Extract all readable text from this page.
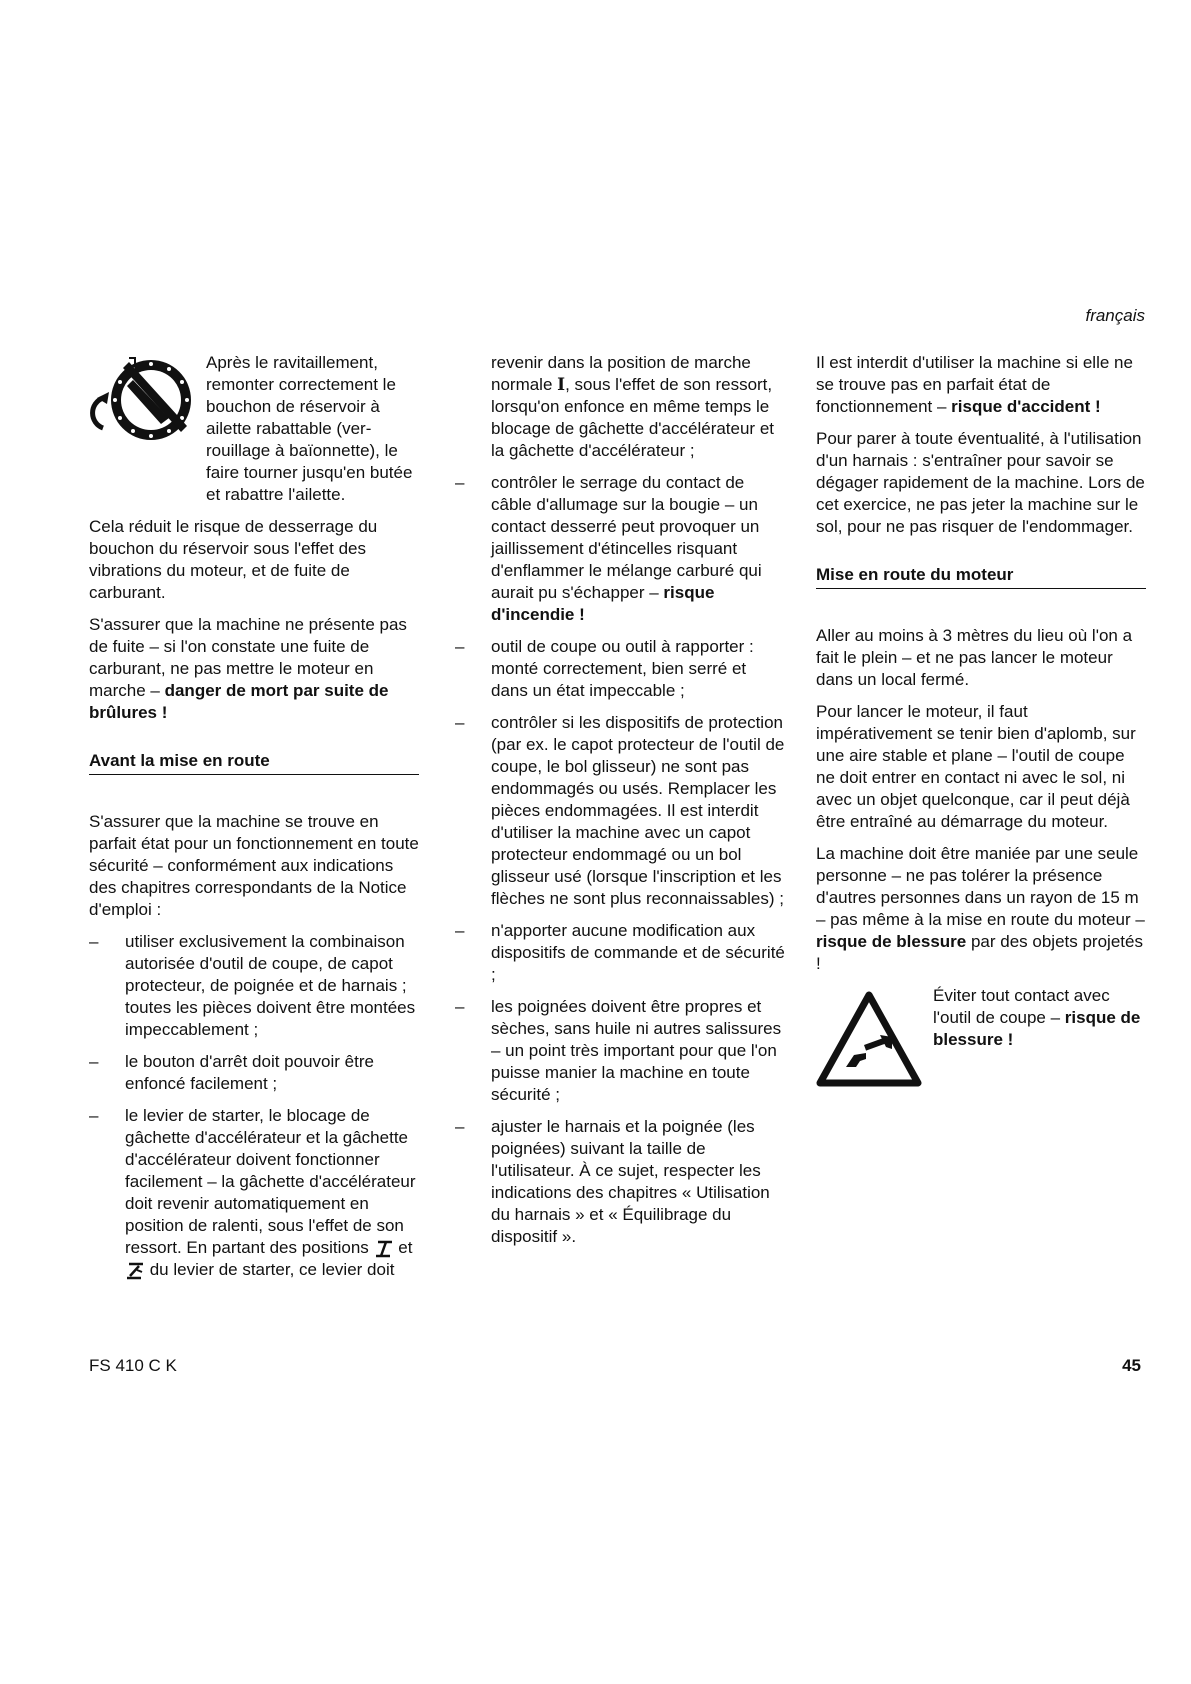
français
Après le ravitaillement, remonter correctement le bouchon de réservoir à ailette rabattable (ver-rouillage à baïonnette), le faire tourner jusqu'en butée et rabattre l'ailette.

Cela réduit le risque de desserrage du bouchon du réservoir sous l'effet des vibrations du moteur, et de fuite de carburant.

S'assurer que la machine ne présente pas de fuite – si l'on constate une fuite de carburant, ne pas mettre le moteur en marche – danger de mort par suite de brûlures !

Avant la mise en route

S'assurer que la machine se trouve en parfait état pour un fonctionnement en toute sécurité – conformément aux indications des chapitres correspondants de la Notice d'emploi :

– utiliser exclusivement la combinaison autorisée d'outil de coupe, de capot protecteur, de poignée et de harnais ; toutes les pièces doivent être montées impeccablement ;
– le bouton d'arrêt doit pouvoir être enfoncé facilement ;
– le levier de starter, le blocage de gâchette d'accélérateur et la gâchette d'accélérateur doivent fonctionner facilement – la gâchette d'accélérateur doit revenir automatiquement en position de ralenti, sous l'effet de son ressort. En partant des positions  et  du levier de starter, ce levier doit

revenir dans la position de marche normale I, sous l'effet de son ressort, lorsqu'on enfonce en même temps le blocage de gâchette d'accélérateur et la gâchette d'accélérateur ;

– contrôler le serrage du contact de câble d'allumage sur la bougie – un contact desserré peut provoquer un jaillissement d'étincelles risquant d'enflammer le mélange carburé qui aurait pu s'échapper – risque d'incendie !
– outil de coupe ou outil à rapporter : monté correctement, bien serré et dans un état impeccable ;
– contrôler si les dispositifs de protection (par ex. le capot protecteur de l'outil de coupe, le bol glisseur) ne sont pas endommagés ou usés. Remplacer les pièces endommagées. Il est interdit d'utiliser la machine avec un capot protecteur endommagé ou un bol glisseur usé (lorsque l'inscription et les flèches ne sont plus reconnaissables) ;
– n'apporter aucune modification aux dispositifs de commande et de sécurité ;
– les poignées doivent être propres et sèches, sans huile ni autres salissures – un point très important pour que l'on puisse manier la machine en toute sécurité ;
– ajuster le harnais et la poignée (les poignées) suivant la taille de l'utilisateur. À ce sujet, respecter les indications des chapitres « Utilisation du harnais » et « Équilibrage du dispositif ».

Il est interdit d'utiliser la machine si elle ne se trouve pas en parfait état de fonctionnement – risque d'accident !

Pour parer à toute éventualité, à l'utilisation d'un harnais : s'entraîner pour savoir se dégager rapidement de la machine. Lors de cet exercice, ne pas jeter la machine sur le sol, pour ne pas risquer de l'endommager.

Mise en route du moteur

Aller au moins à 3 mètres du lieu où l'on a fait le plein – et ne pas lancer le moteur dans un local fermé.

Pour lancer le moteur, il faut impérativement se tenir bien d'aplomb, sur une aire stable et plane – l'outil de coupe ne doit entrer en contact ni avec le sol, ni avec un objet quelconque, car il peut déjà être entraîné au démarrage du moteur.

La machine doit être maniée par une seule personne – ne pas tolérer la présence d'autres personnes dans un rayon de 15 m – pas même à la mise en route du moteur – risque de blessure par des objets projetés !

Éviter tout contact avec l'outil de coupe – risque de blessure !
FS 410 C K	45
